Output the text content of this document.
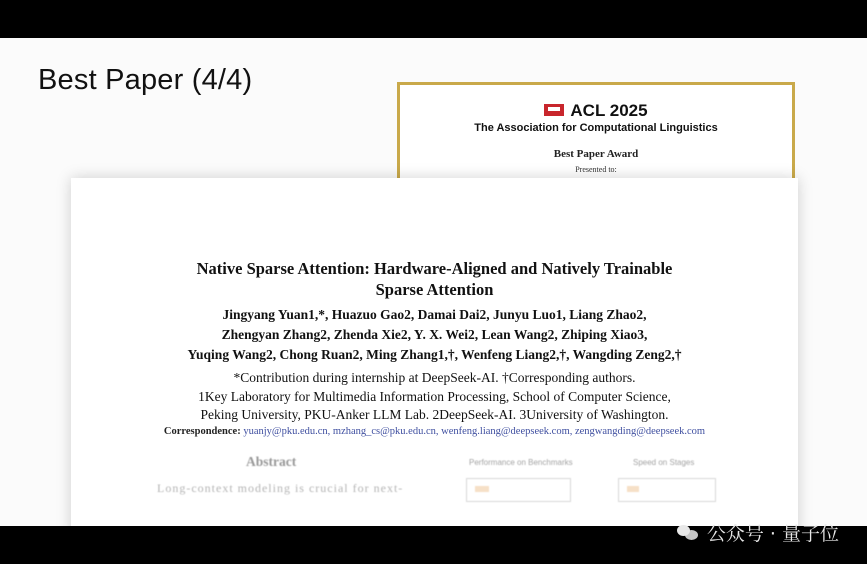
Best Paper (4/4)
ACL 2025
The Association for Computational Linguistics
Best Paper Award
Presented to:
Native Sparse Attention: Hardware-Aligned and Natively Trainable
Sparse Attention
Jingyang Yuan1,*, Huazuo Gao2, Damai Dai2, Junyu Luo1, Liang Zhao2,
Zhengyan Zhang2, Zhenda Xie2, Y. X. Wei2, Lean Wang2, Zhiping Xiao3,
Yuqing Wang2, Chong Ruan2, Ming Zhang1,†, Wenfeng Liang2,†, Wangding Zeng2,†
*Contribution during internship at DeepSeek-AI. †Corresponding authors.
1Key Laboratory for Multimedia Information Processing, School of Computer Science,
Peking University, PKU-Anker LLM Lab. 2DeepSeek-AI. 3University of Washington.
Correspondence: yuanjy@pku.edu.cn, mzhang_cs@pku.edu.cn, wenfeng.liang@deepseek.com, zengwangding@deepseek.com
Abstract
Long-context modeling is crucial for next-
Performance on Benchmarks	Speed on Stages
公众号 · 量子位
